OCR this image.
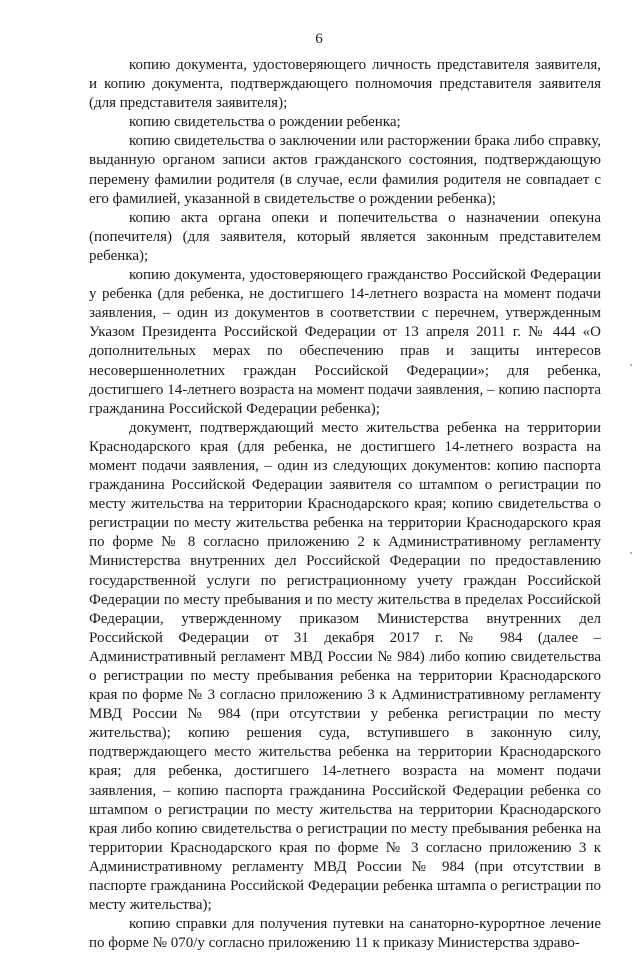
6

копию документа, удостоверяющего личность представителя заявителя, и копию документа, подтверждающего полномочия представителя заявителя (для представителя заявителя);

копию свидетельства о рождении ребенка;

копию свидетельства о заключении или расторжении брака либо справку, выданную органом записи актов гражданского состояния, подтверждающую перемену фамилии родителя (в случае, если фамилия родителя не совпадает с его фамилией, указанной в свидетельстве о рождении ребенка);

копию акта органа опеки и попечительства о назначении опекуна (попечителя) (для заявителя, который является законным представителем ребенка);

копию документа, удостоверяющего гражданство Российской Федерации у ребенка (для ребенка, не достигшего 14-летнего возраста на момент подачи заявления, – один из документов в соответствии с перечнем, утвержденным Указом Президента Российской Федерации от 13 апреля 2011 г. № 444 «О дополнительных мерах по обеспечению прав и защиты интересов несовершеннолетних граждан Российской Федерации»; для ребенка, достигшего 14-летнего возраста на момент подачи заявления, – копию паспорта гражданина Российской Федерации ребенка);

документ, подтверждающий место жительства ребенка на территории Краснодарского края (для ребенка, не достигшего 14-летнего возраста на момент подачи заявления, – один из следующих документов: копию паспорта гражданина Российской Федерации заявителя со штампом о регистрации по месту жительства на территории Краснодарского края; копию свидетельства о регистрации по месту жительства ребенка на территории Краснодарского края по форме № 8 согласно приложению 2 к Административному регламенту Министерства внутренних дел Российской Федерации по предоставлению государственной услуги по регистрационному учету граждан Российской Федерации по месту пребывания и по месту жительства в пределах Российской Федерации, утвержденному приказом Министерства внутренних дел Российской Федерации от 31 декабря 2017 г. № 984 (далее – Административный регламент МВД России № 984) либо копию свидетельства о регистрации по месту пребывания ребенка на территории Краснодарского края по форме № 3 согласно приложению 3 к Административному регламенту МВД России № 984 (при отсутствии у ребенка регистрации по месту жительства); копию решения суда, вступившего в законную силу, подтверждающего место жительства ребенка на территории Краснодарского края; для ребенка, достигшего 14-летнего возраста на момент подачи заявления, – копию паспорта гражданина Российской Федерации ребенка со штампом о регистрации по месту жительства на территории Краснодарского края либо копию свидетельства о регистрации по месту пребывания ребенка на территории Краснодарского края по форме № 3 согласно приложению 3 к Административному регламенту МВД России № 984 (при отсутствии в паспорте гражданина Российской Федерации ребенка штампа о регистрации по месту жительства);

копию справки для получения путевки на санаторно-курортное лечение по форме № 070/у согласно приложению 11 к приказу Министерства здраво-
